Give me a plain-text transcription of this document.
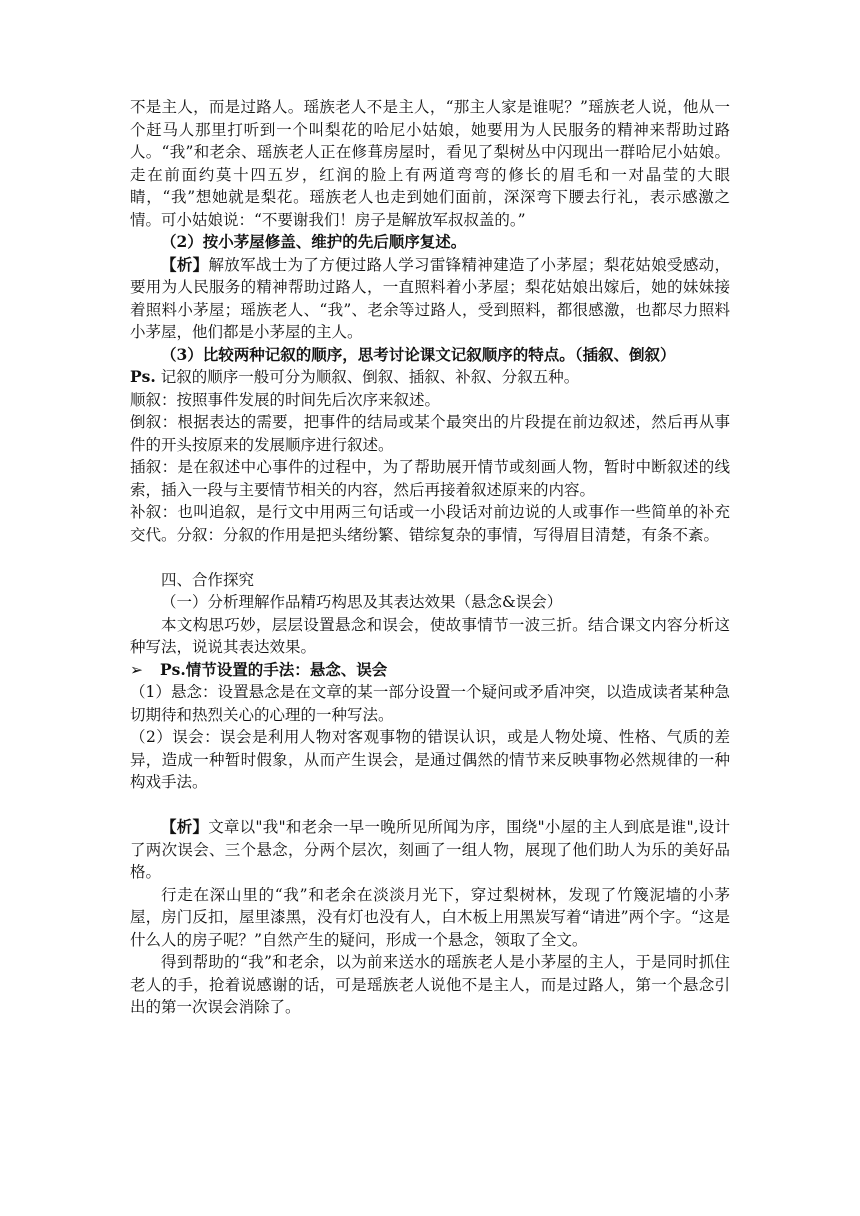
不是主人，而是过路人。瑶族老人不是主人，“那主人家是谁呢？”瑶族老人说，他从一个赶马人那里打听到一个叫梨花的哈尼小姑娘，她要用为人民服务的精神来帮助过路人。“我”和老余、瑶族老人正在修葺房屋时，看见了梨树丛中闪现出一群哈尼小姑娘。走在前面约莫十四五岁，红润的脸上有两道弯弯的修长的眉毛和一对晶莹的大眼睛，“我”想她就是梨花。瑶族老人也走到她们面前，深深弯下腰去行礼，表示感激之情。可小姑娘说：“不要谢我们！房子是解放军叔叔盖的。”
（2）按小茅屋修盖、维护的先后顺序复述。
【析】解放军战士为了方便过路人学习雷锋精神建造了小茅屋；梨花姑娘受感动，要用为人民服务的精神帮助过路人，一直照料着小茅屋；梨花姑娘出嫁后，她的妹妹接着照料小茅屋；瑶族老人、“我”、老余等过路人，受到照料，都很感激，也都尽力照料小茅屋，他们都是小茅屋的主人。
（3）比较两种记叙的顺序，思考讨论课文记叙顺序的特点。（插叙、倒叙）
Ps. 记叙的顺序一般可分为顺叙、倒叙、插叙、补叙、分叙五种。
顺叙：按照事件发展的时间先后次序来叙述。
倒叙：根据表达的需要，把事件的结局或某个最突出的片段提在前边叙述，然后再从事件的开头按原来的发展顺序进行叙述。
插叙：是在叙述中心事件的过程中，为了帮助展开情节或刻画人物，暂时中断叙述的线索，插入一段与主要情节相关的内容，然后再接着叙述原来的内容。
补叙：也叫追叙，是行文中用两三句话或一小段话对前边说的人或事作一些简单的补充交代。分叙：分叙的作用是把头绪纷繁、错综复杂的事情，写得眉目清楚，有条不紊。
四、合作探究
（一）分析理解作品精巧构思及其表达效果（悬念&误会）
本文构思巧妙，层层设置悬念和误会，使故事情节一波三折。结合课文内容分析这种写法，说说其表达效果。
➢	Ps.情节设置的手法：悬念、误会
（1）悬念：设置悬念是在文章的某一部分设置一个疑问或矛盾冲突，以造成读者某种急切期待和热烈关心的心理的一种写法。
（2）误会：误会是利用人物对客观事物的错误认识，或是人物处境、性格、气质的差异，造成一种暂时假象，从而产生误会，是通过偶然的情节来反映事物必然规律的一种构戏手法。
【析】文章以"我"和老余一早一晚所见所闻为序，围绕"小屋的主人到底是谁",设计了两次误会、三个悬念，分两个层次，刻画了一组人物，展现了他们助人为乐的美好品格。
行走在深山里的“我”和老余在淡淡月光下，穿过梨树林，发现了竹篾泥墙的小茅屋，房门反扣，屋里漆黑，没有灯也没有人，白木板上用黑炭写着“请进”两个字。“这是什么人的房子呢？”自然产生的疑问，形成一个悬念，领取了全文。
得到帮助的“我”和老余，以为前来送水的瑶族老人是小茅屋的主人，于是同时抓住老人的手，抢着说感谢的话，可是瑶族老人说他不是主人，而是过路人，第一个悬念引出的第一次误会消除了。
